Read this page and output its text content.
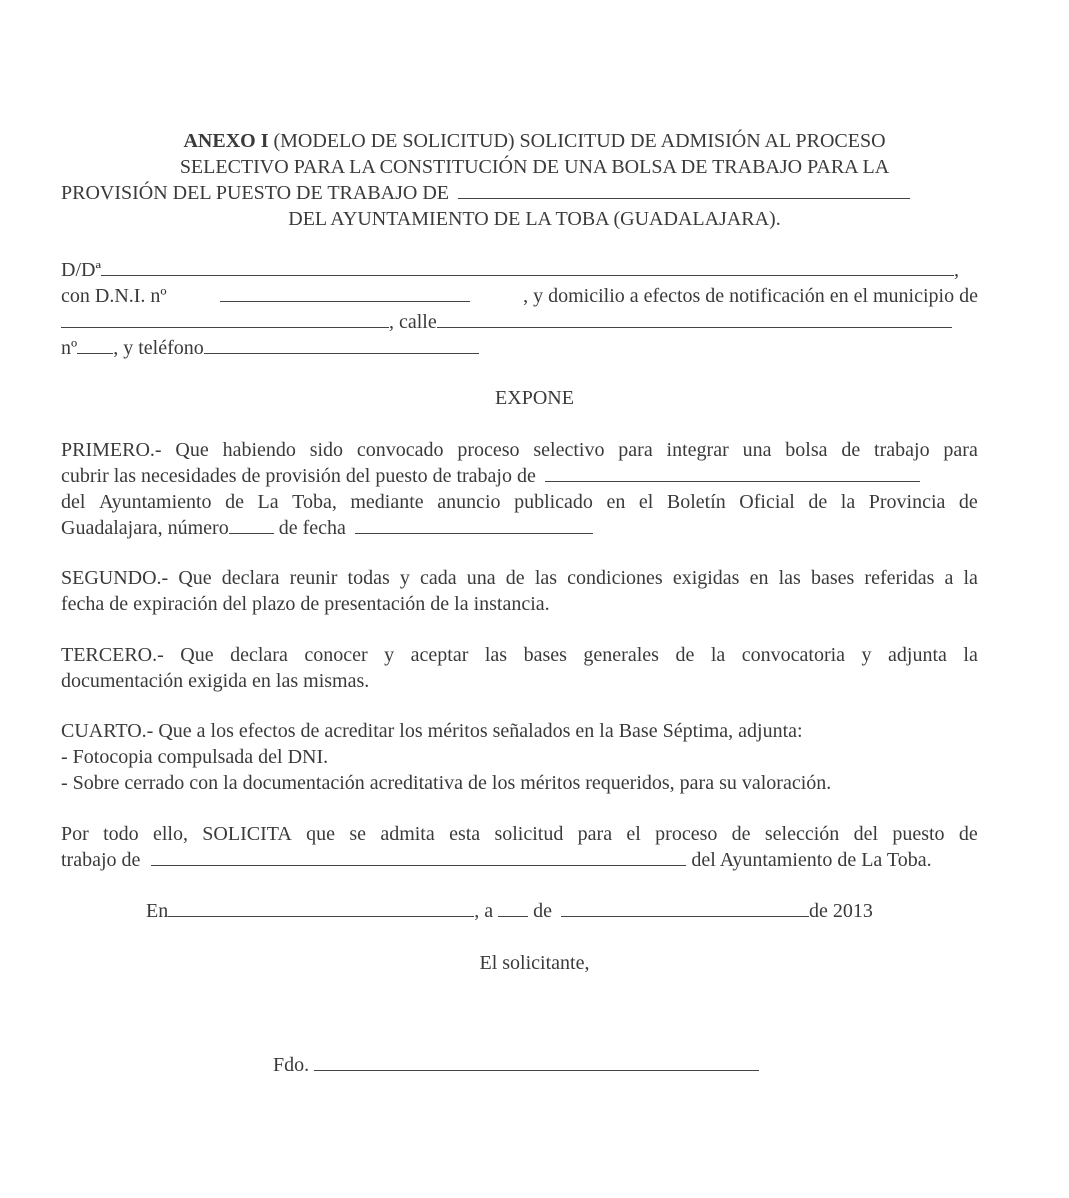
ANEXO I (MODELO DE SOLICITUD) SOLICITUD DE ADMISIÓN AL PROCESO
SELECTIVO PARA LA CONSTITUCIÓN DE UNA BOLSA DE TRABAJO PARA LA
PROVISIÓN DEL PUESTO DE TRABAJO DE
DEL AYUNTAMIENTO DE LA TOBA (GUADALAJARA).
D/Dª	,
con D.N.I. nº	, y domicilio a efectos de notificación en el municipio de
, calle
nº , y teléfono
EXPONE
PRIMERO.- Que habiendo sido convocado proceso selectivo para integrar una bolsa de trabajo para
cubrir las necesidades de provisión del puesto de trabajo de
del Ayuntamiento de La Toba, mediante anuncio publicado en el Boletín Oficial de la Provincia de
Guadalajara, número de fecha
SEGUNDO.- Que declara reunir todas y cada una de las condiciones exigidas en las bases referidas a la
fecha de expiración del plazo de presentación de la instancia.
TERCERO.- Que declara conocer y aceptar las bases generales de la convocatoria y adjunta la
documentación exigida en las mismas.
CUARTO.- Que a los efectos de acreditar los méritos señalados en la Base Séptima, adjunta:
- Fotocopia compulsada del DNI.
- Sobre cerrado con la documentación acreditativa de los méritos requeridos, para su valoración.
Por todo ello, SOLICITA que se admita esta solicitud para el proceso de selección del puesto de
trabajo de	del Ayuntamiento de La Toba.
En	, a  de	de 2013
El solicitante,
Fdo.
